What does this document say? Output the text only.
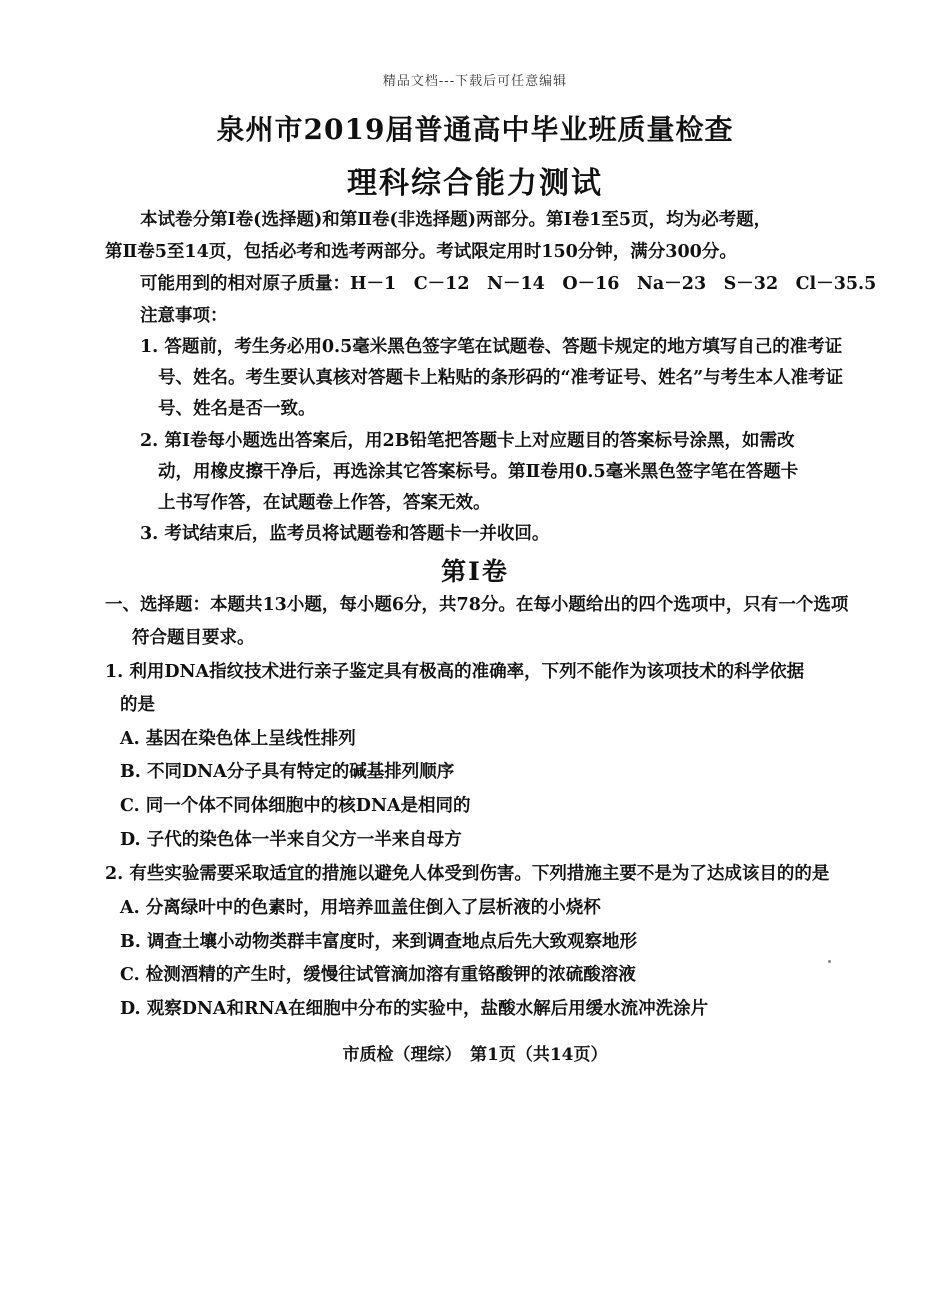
精品文档---下载后可任意编辑
泉州市2019届普通高中毕业班质量检查
理科综合能力测试
本试卷分第Ⅰ卷(选择题)和第Ⅱ卷(非选择题)两部分。第Ⅰ卷1至5页，均为必考题，
第Ⅱ卷5至14页，包括必考和选考两部分。考试限定用时150分钟，满分300分。
可能用到的相对原子质量：H－1　C－12　N－14　O－16　Na－23　S－32　Cl－35.5
注意事项：
1. 答题前，考生务必用0.5毫米黑色签字笔在试题卷、答题卡规定的地方填写自己的准考证
号、姓名。考生要认真核对答题卡上粘贴的条形码的“准考证号、姓名”与考生本人准考证
号、姓名是否一致。
2. 第Ⅰ卷每小题选出答案后，用2B铅笔把答题卡上对应题目的答案标号涂黑，如需改
动，用橡皮擦干净后，再选涂其它答案标号。第Ⅱ卷用0.5毫米黑色签字笔在答题卡
上书写作答，在试题卷上作答，答案无效。
3. 考试结束后，监考员将试题卷和答题卡一并收回。
第Ⅰ卷
一、选择题：本题共13小题，每小题6分，共78分。在每小题给出的四个选项中，只有一个选项
符合题目要求。
1. 利用DNA指纹技术进行亲子鉴定具有极高的准确率，下列不能作为该项技术的科学依据
的是
A. 基因在染色体上呈线性排列
B. 不同DNA分子具有特定的碱基排列顺序
C. 同一个体不同体细胞中的核DNA是相同的
D. 子代的染色体一半来自父方一半来自母方
2. 有些实验需要采取适宜的措施以避免人体受到伤害。下列措施主要不是为了达成该目的的是
A. 分离绿叶中的色素时，用培养皿盖住倒入了层析液的小烧杯
B. 调查土壤小动物类群丰富度时，来到调查地点后先大致观察地形
C. 检测酒精的产生时，缓慢往试管滴加溶有重铬酸钾的浓硫酸溶液
D. 观察DNA和RNA在细胞中分布的实验中，盐酸水解后用缓水流冲洗涂片
市质检（理综）　第1页（共14页）
